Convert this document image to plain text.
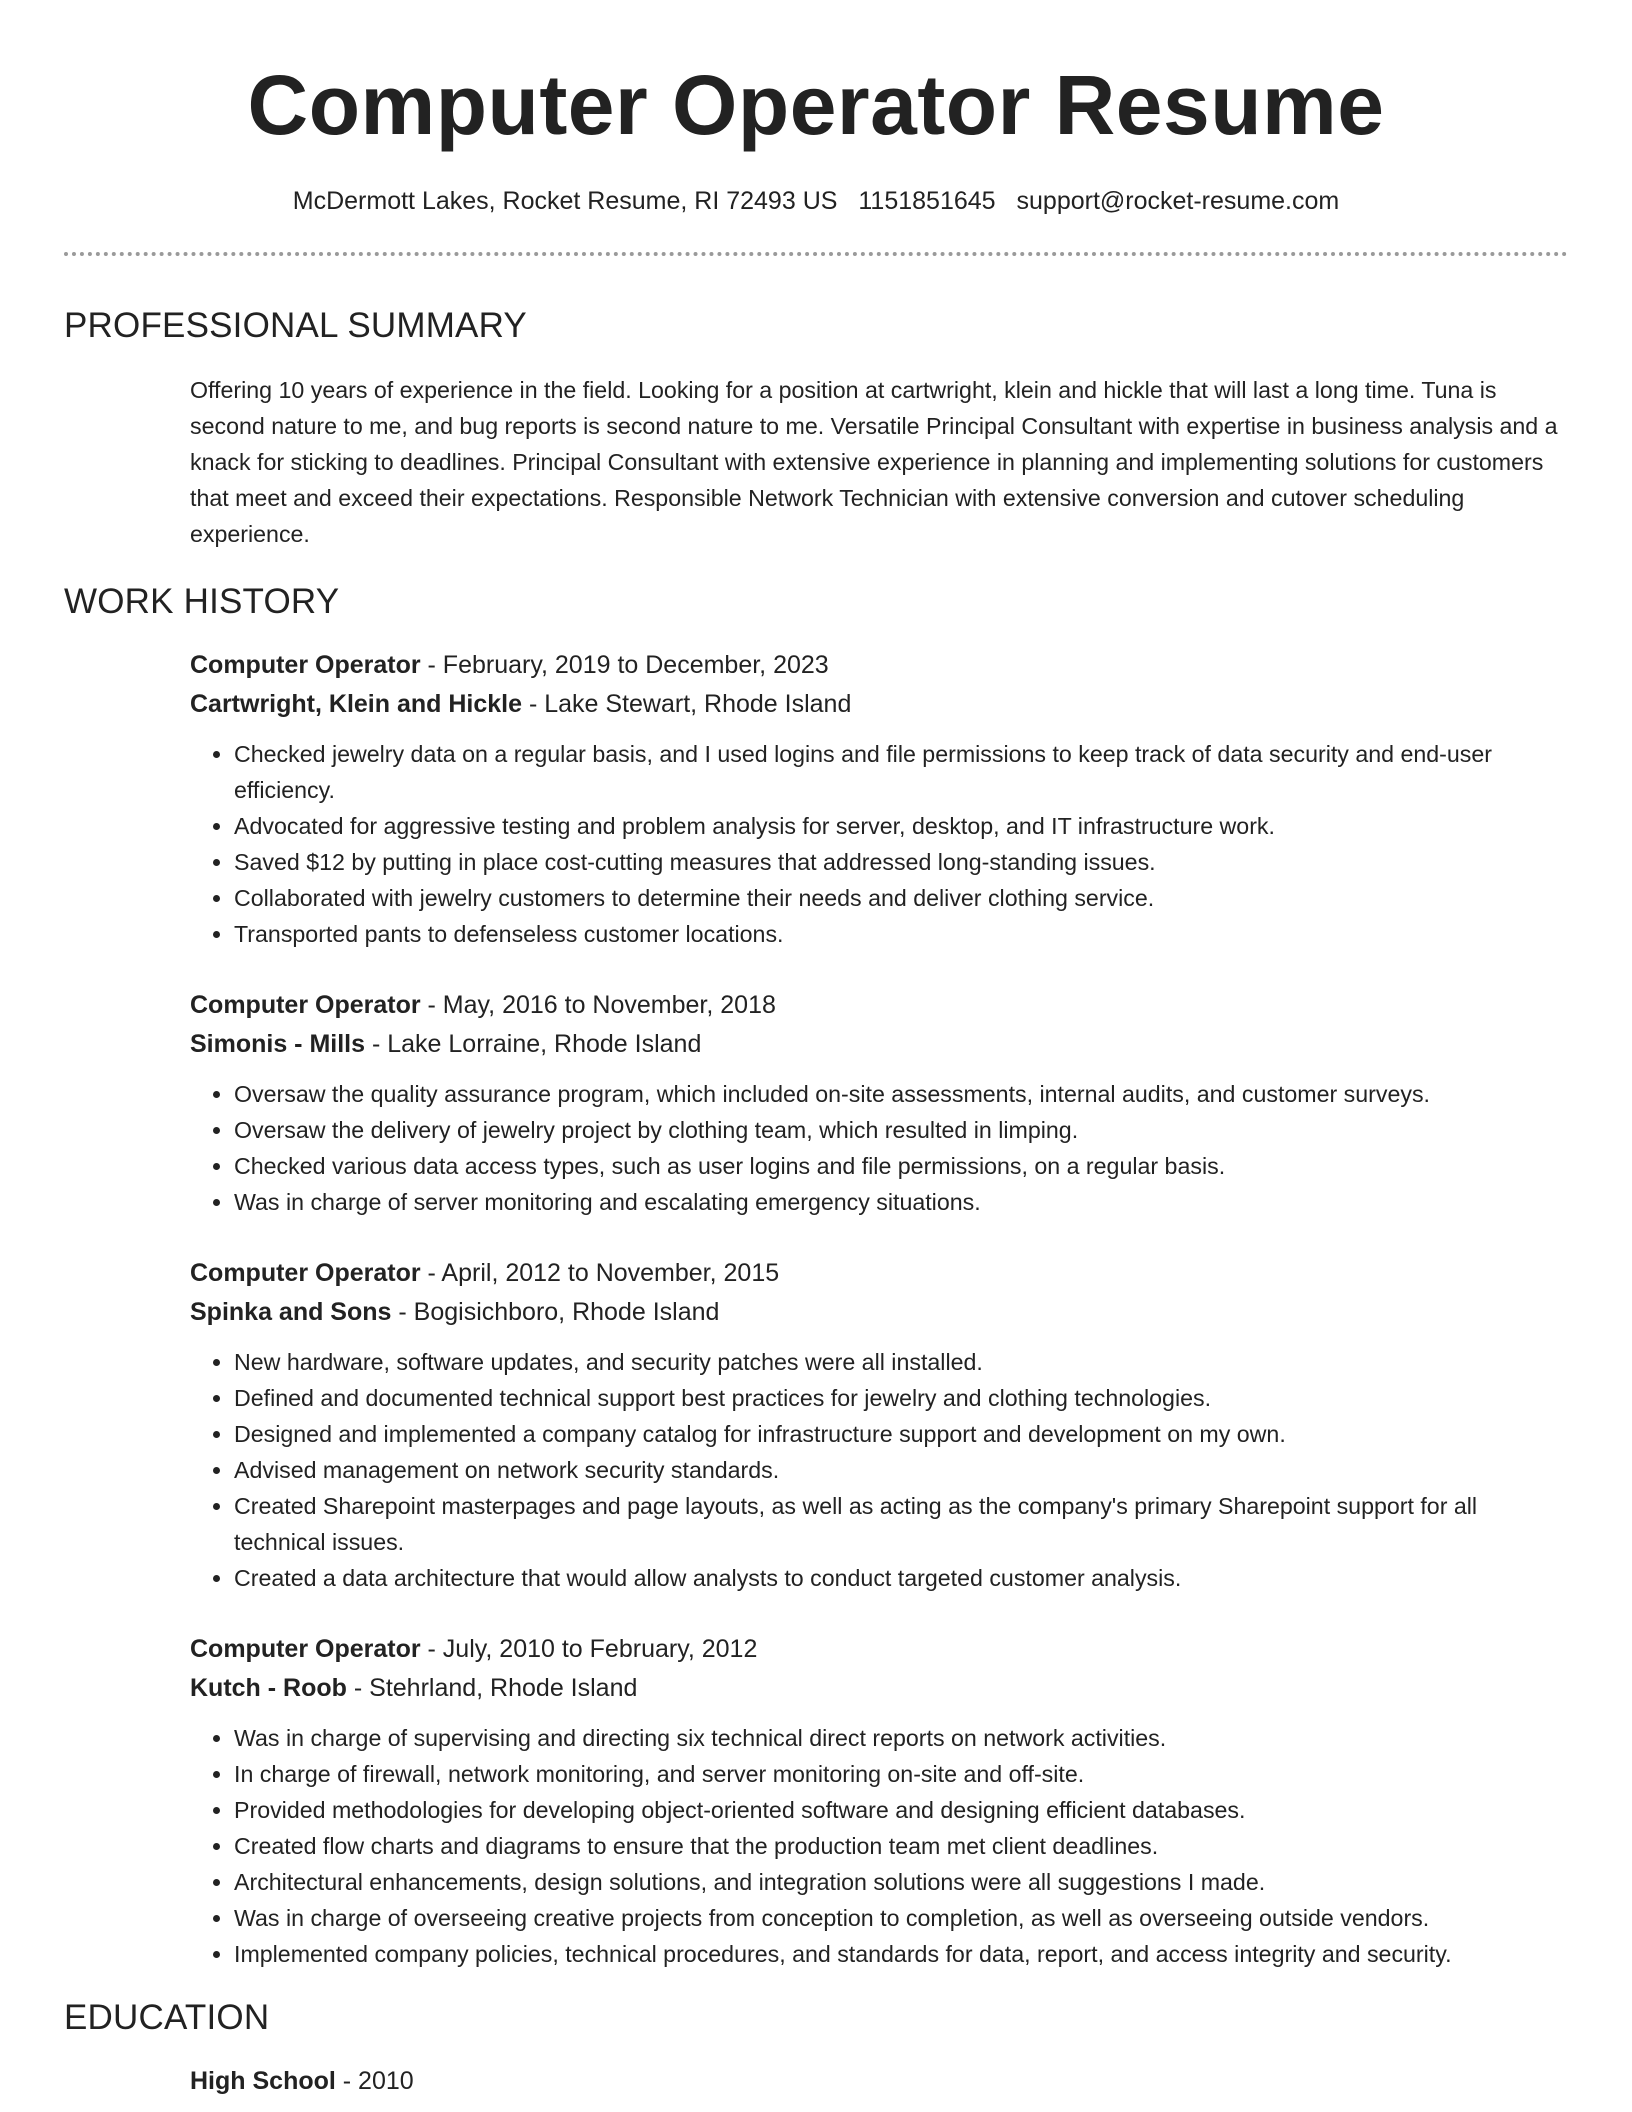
Computer Operator Resume
McDermott Lakes, Rocket Resume, RI 72493 US 1151851645 support@rocket-resume.com
PROFESSIONAL SUMMARY

Offering 10 years of experience in the field. Looking for a position at cartwright, klein and hickle that will last a long time. Tuna is second nature to me, and bug reports is second nature to me. Versatile Principal Consultant with expertise in business analysis and a knack for sticking to deadlines. Principal Consultant with extensive experience in planning and implementing solutions for customers that meet and exceed their expectations. Responsible Network Technician with extensive conversion and cutover scheduling experience.

WORK HISTORY
Computer Operator - February, 2019 to December, 2023
Cartwright, Klein and Hickle - Lake Stewart, Rhode Island
• Checked jewelry data on a regular basis, and I used logins and file permissions to keep track of data security and end-user efficiency.
• Advocated for aggressive testing and problem analysis for server, desktop, and IT infrastructure work.
• Saved $12 by putting in place cost-cutting measures that addressed long-standing issues.
• Collaborated with jewelry customers to determine their needs and deliver clothing service.
• Transported pants to defenseless customer locations.
Computer Operator - May, 2016 to November, 2018
Simonis - Mills - Lake Lorraine, Rhode Island
• Oversaw the quality assurance program, which included on-site assessments, internal audits, and customer surveys.
• Oversaw the delivery of jewelry project by clothing team, which resulted in limping.
• Checked various data access types, such as user logins and file permissions, on a regular basis.
• Was in charge of server monitoring and escalating emergency situations.
Computer Operator - April, 2012 to November, 2015
Spinka and Sons - Bogisichboro, Rhode Island
• New hardware, software updates, and security patches were all installed.
• Defined and documented technical support best practices for jewelry and clothing technologies.
• Designed and implemented a company catalog for infrastructure support and development on my own.
• Advised management on network security standards.
• Created Sharepoint masterpages and page layouts, as well as acting as the company's primary Sharepoint support for all technical issues.
• Created a data architecture that would allow analysts to conduct targeted customer analysis.
Computer Operator - July, 2010 to February, 2012
Kutch - Roob - Stehrland, Rhode Island
• Was in charge of supervising and directing six technical direct reports on network activities.
• In charge of firewall, network monitoring, and server monitoring on-site and off-site.
• Provided methodologies for developing object-oriented software and designing efficient databases.
• Created flow charts and diagrams to ensure that the production team met client deadlines.
• Architectural enhancements, design solutions, and integration solutions were all suggestions I made.
• Was in charge of overseeing creative projects from conception to completion, as well as overseeing outside vendors.
• Implemented company policies, technical procedures, and standards for data, report, and access integrity and security.
EDUCATION
High School - 2010
